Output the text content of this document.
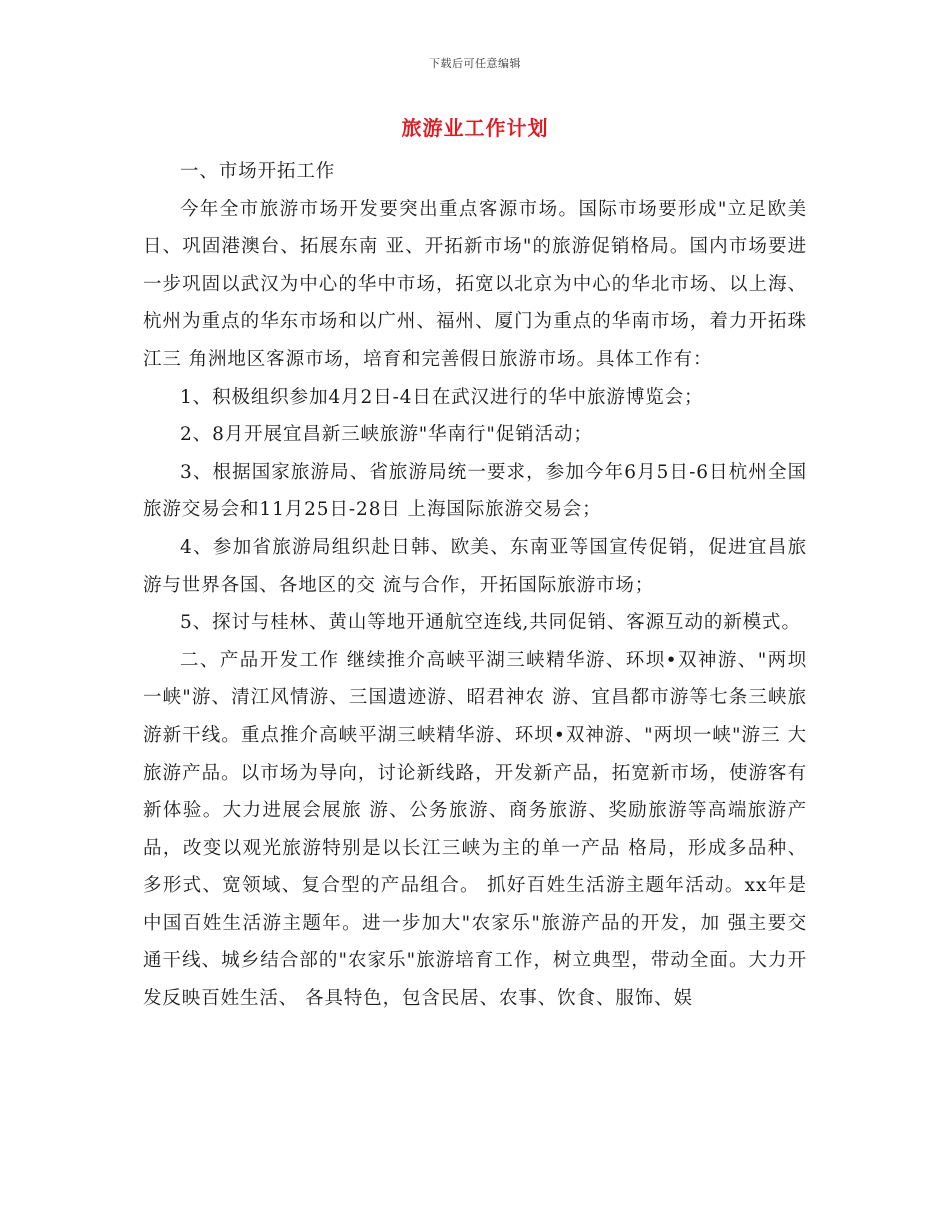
下载后可任意编辑
旅游业工作计划

一、市场开拓工作

今年全市旅游市场开发要突出重点客源市场。国际市场要形成"立足欧美日、巩固港澳台、拓展东南 亚、开拓新市场"的旅游促销格局。国内市场要进一步巩固以武汉为中心的华中市场，拓宽以北京为中心的华北市场、以上海、杭州为重点的华东市场和以广州、福州、厦门为重点的华南市场，着力开拓珠江三 角洲地区客源市场，培育和完善假日旅游市场。具体工作有：

1、积极组织参加4月2日-4日在武汉进行的华中旅游博览会；

2、8月开展宜昌新三峡旅游"华南行"促销活动；

3、根据国家旅游局、省旅游局统一要求，参加今年6月5日-6日杭州全国旅游交易会和11月25日-28日 上海国际旅游交易会；

4、参加省旅游局组织赴日韩、欧美、东南亚等国宣传促销，促进宜昌旅游与世界各国、各地区的交 流与合作，开拓国际旅游市场；

5、探讨与桂林、黄山等地开通航空连线,共同促销、客源互动的新模式。

二、产品开发工作 继续推介高峡平湖三峡精华游、环坝•双神游、"两坝一峡"游、清江风情游、三国遗迹游、昭君神农 游、宜昌都市游等七条三峡旅游新干线。重点推介高峡平湖三峡精华游、环坝•双神游、"两坝一峡"游三 大旅游产品。以市场为导向，讨论新线路，开发新产品，拓宽新市场，使游客有新体验。大力进展会展旅 游、公务旅游、商务旅游、奖励旅游等高端旅游产品，改变以观光旅游特别是以长江三峡为主的单一产品 格局，形成多品种、多形式、宽领域、复合型的产品组合。 抓好百姓生活游主题年活动。xx年是中国百姓生活游主题年。进一步加大"农家乐"旅游产品的开发，加 强主要交通干线、城乡结合部的"农家乐"旅游培育工作，树立典型，带动全面。大力开发反映百姓生活、 各具特色，包含民居、农事、饮食、服饰、娱
